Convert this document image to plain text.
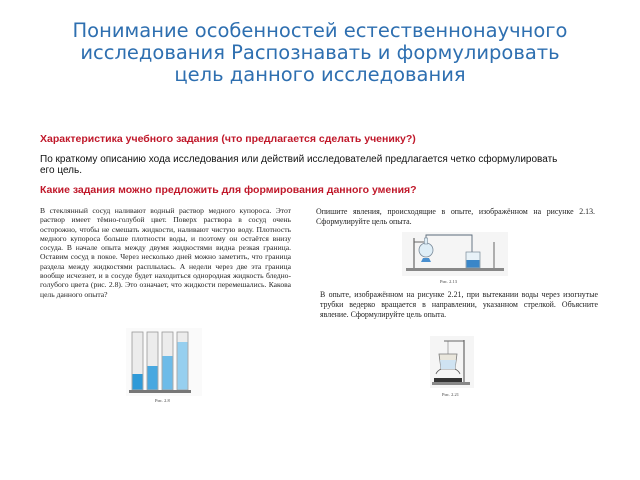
Понимание особенностей естественнонаучного
исследования Распознавать и формулировать
цель данного исследования
Характеристика учебного задания (что предлагается сделать ученику?)
По краткому описанию хода исследования или действий исследователей предлагается четко сформулировать
его цель.
Какие задания можно предложить для формирования данного умения?
В стеклянный сосуд наливают водный раствор медного купороса. Этот раствор имеет тёмно-голубой цвет. Поверх раствора в сосуд очень осторожно, чтобы не смешать жидкости, наливают чистую воду. Плотность медного купороса больше плотности воды, и поэтому он остаётся внизу сосуда. В начале опыта между двумя жидкостями видна резкая граница. Оставим сосуд в покое. Через несколько дней можно заметить, что граница раздела между жидкостями расплылась. А недели через две эта граница вообще исчезнет, и в сосуде будет находиться однородная жидкость бледно-голубого цвета (рис. 2.8). Это означает, что жидкости перемешались. Какова цель данного опыта?
Рис. 2.8
Опишите явления, происходящие в опыте, изображённом на рисунке 2.13. Сформулируйте цель опыта.
Рис. 2.13
В опыте, изображённом на рисунке 2.21, при вытекании воды через изогнутые трубки ведерко вращается в направлении, указанном стрелкой. Объясните явление. Сформулируйте цель опыта.
Рис. 2.21
